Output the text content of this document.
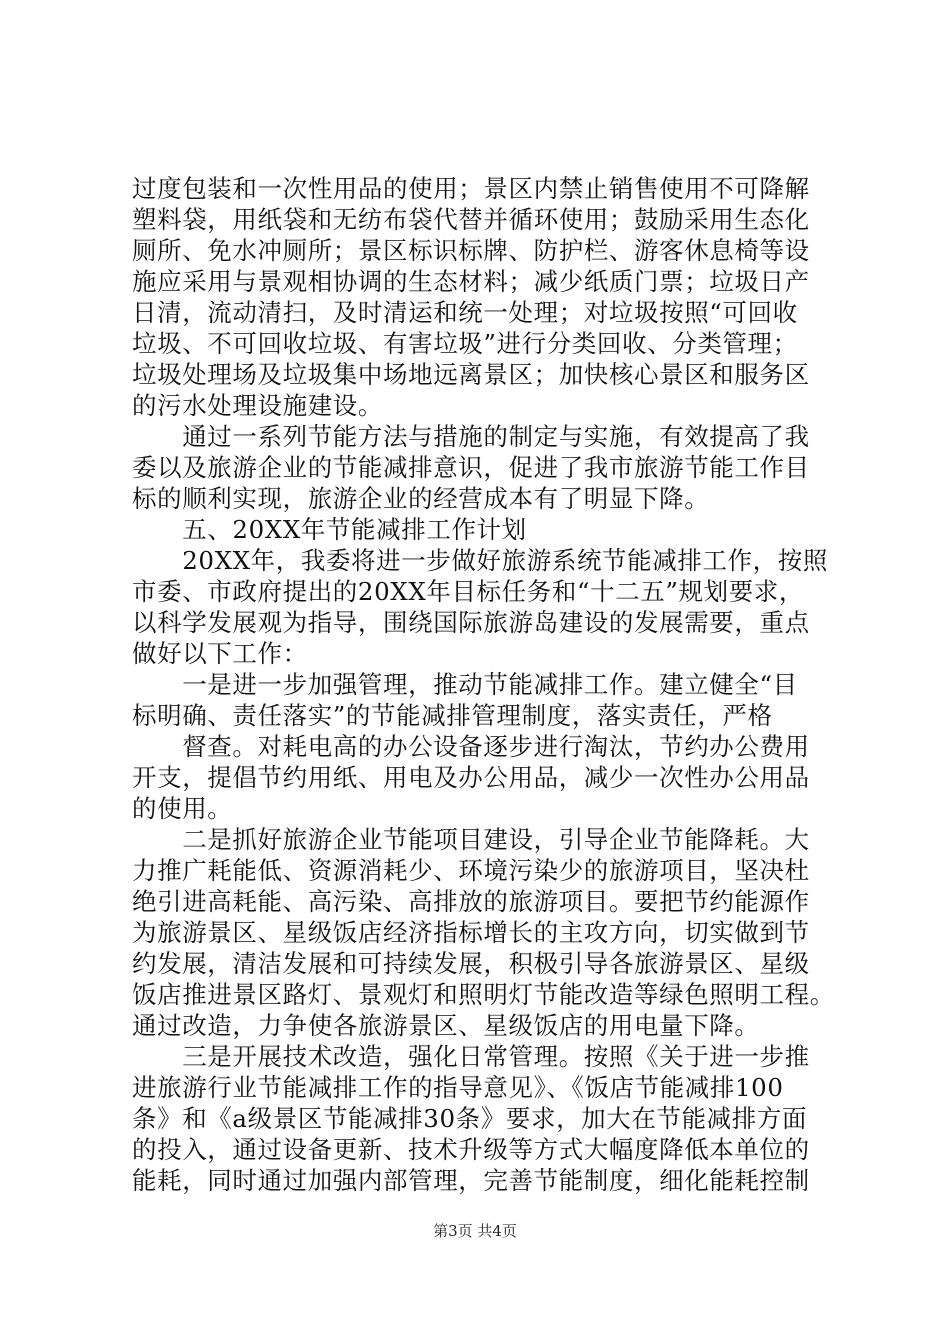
过度包装和一次性用品的使用；景区内禁止销售使用不可降解
塑料袋，用纸袋和无纺布袋代替并循环使用；鼓励采用生态化
厕所、免水冲厕所；景区标识标牌、防护栏、游客休息椅等设
施应采用与景观相协调的生态材料；减少纸质门票；垃圾日产
日清，流动清扫，及时清运和统一处理；对垃圾按照“可回收
垃圾、不可回收垃圾、有害垃圾”进行分类回收、分类管理；
垃圾处理场及垃圾集中场地远离景区；加快核心景区和服务区
的污水处理设施建设。
　　通过一系列节能方法与措施的制定与实施，有效提高了我
委以及旅游企业的节能减排意识，促进了我市旅游节能工作目
标的顺利实现，旅游企业的经营成本有了明显下降。
　　五、20XX年节能减排工作计划
　　20XX年，我委将进一步做好旅游系统节能减排工作，按照
市委、市政府提出的20XX年目标任务和“十二五”规划要求，
以科学发展观为指导，围绕国际旅游岛建设的发展需要，重点
做好以下工作：
　　一是进一步加强管理，推动节能减排工作。建立健全“目
标明确、责任落实”的节能减排管理制度，落实责任，严格
　　督查。对耗电高的办公设备逐步进行淘汰，节约办公费用
开支，提倡节约用纸、用电及办公用品，减少一次性办公用品
的使用。
　　二是抓好旅游企业节能项目建设，引导企业节能降耗。大
力推广耗能低、资源消耗少、环境污染少的旅游项目，坚决杜
绝引进高耗能、高污染、高排放的旅游项目。要把节约能源作
为旅游景区、星级饭店经济指标增长的主攻方向，切实做到节
约发展，清洁发展和可持续发展，积极引导各旅游景区、星级
饭店推进景区路灯、景观灯和照明灯节能改造等绿色照明工程。
通过改造，力争使各旅游景区、星级饭店的用电量下降。
　　三是开展技术改造，强化日常管理。按照《关于进一步推
进旅游行业节能减排工作的指导意见》、《饭店节能减排100
条》和《a级景区节能减排30条》要求，加大在节能减排方面
的投入，通过设备更新、技术升级等方式大幅度降低本单位的
能耗，同时通过加强内部管理，完善节能制度，细化能耗控制
第3页 共4页
